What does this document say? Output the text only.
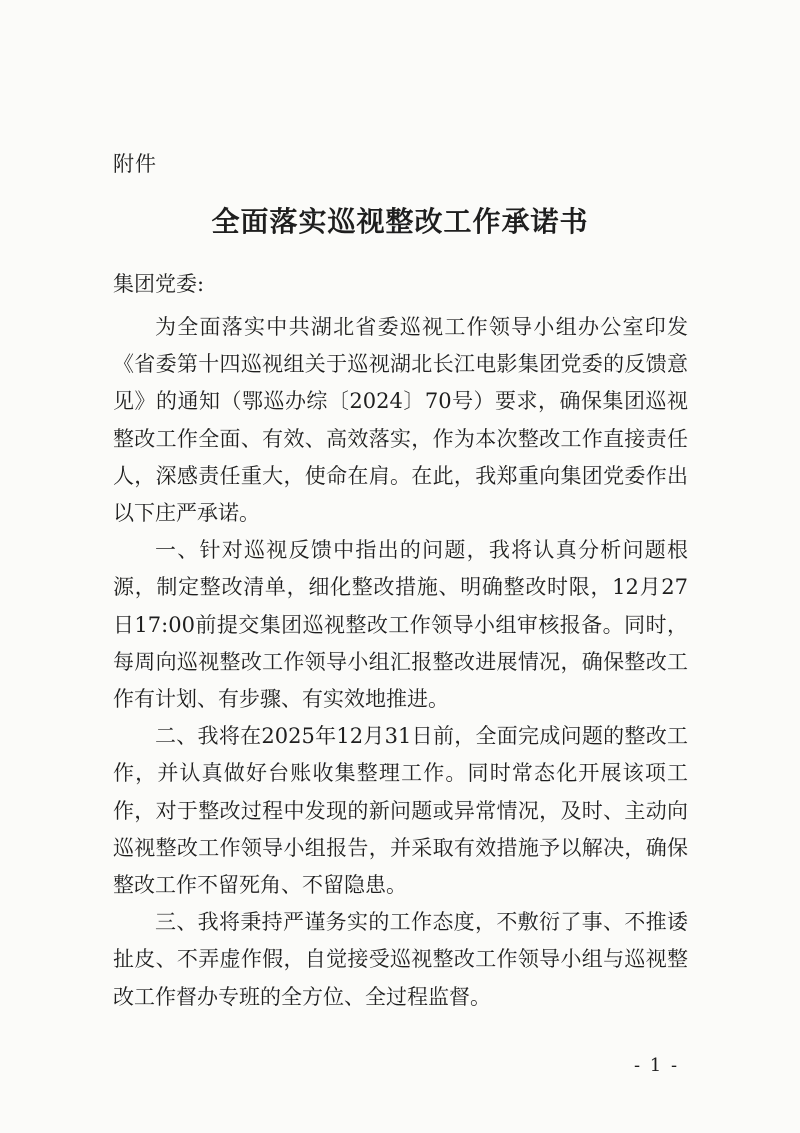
附件
全面落实巡视整改工作承诺书
集团党委:

为全面落实中共湖北省委巡视工作领导小组办公室印发《省委第十四巡视组关于巡视湖北长江电影集团党委的反馈意见》的通知（鄂巡办综〔2024〕70号）要求，确保集团巡视整改工作全面、有效、高效落实，作为本次整改工作直接责任人，深感责任重大，使命在肩。在此，我郑重向集团党委作出以下庄严承诺。

一、针对巡视反馈中指出的问题，我将认真分析问题根源，制定整改清单，细化整改措施、明确整改时限，12月27日17:00前提交集团巡视整改工作领导小组审核报备。同时，每周向巡视整改工作领导小组汇报整改进展情况，确保整改工作有计划、有步骤、有实效地推进。

二、我将在2025年12月31日前，全面完成问题的整改工作，并认真做好台账收集整理工作。同时常态化开展该项工作，对于整改过程中发现的新问题或异常情况，及时、主动向巡视整改工作领导小组报告，并采取有效措施予以解决，确保整改工作不留死角、不留隐患。

三、我将秉持严谨务实的工作态度，不敷衍了事、不推诿扯皮、不弄虚作假，自觉接受巡视整改工作领导小组与巡视整改工作督办专班的全方位、全过程监督。

- 1 -
